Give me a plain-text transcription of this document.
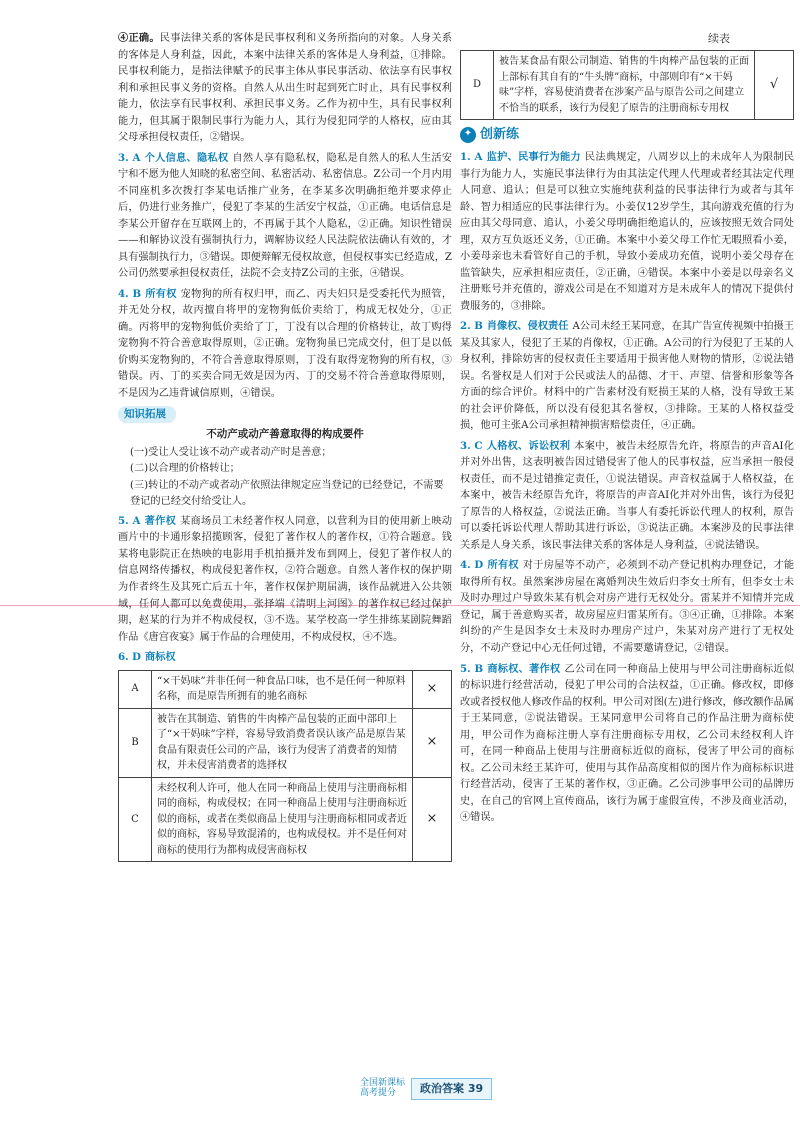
续表

④正确。民事法律关系的客体是民事权利和义务所指向的对象。人身关系的客体是人身利益，因此，本案中法律关系的客体是人身利益，①排除。民事权利能力，是指法律赋予的民事主体从事民事活动、依法享有民事权利和承担民事义务的资格。自然人从出生时起到死亡时止，具有民事权利能力，依法享有民事权利、承担民事义务。乙作为初中生，具有民事权利能力，但其属于限制民事行为能力人，其行为侵犯同学的人格权，应由其父母承担侵权责任，②错误。

3. A 个人信息、隐私权 自然人享有隐私权，隐私是自然人的私人生活安宁和不愿为他人知晓的私密空间、私密活动、私密信息。Z公司一个月内用不同座机多次拨打李某电话推广业务，在李某多次明确拒绝并要求停止后，仍进行业务推广，侵犯了李某的生活安宁权益，①正确。电话信息是李某公开留存在互联网上的，不再属于其个人隐私，②正确。知识性错误——和解协议没有强制执行力，调解协议经人民法院依法确认有效的，才具有强制执行力，③错误。即便辩解无侵权故意，但侵权事实已经造成，Z公司仍然要承担侵权责任，法院不会支持Z公司的主张，④错误。

4. B 所有权 宠物狗的所有权归甲，而乙、丙夫妇只是受委托代为照管，并无处分权，故丙擅自将甲的宠物狗低价卖给丁，构成无权处分，①正确。丙将甲的宠物狗低价卖给了丁，丁没有以合理的价格转让，故丁购得宠物狗不符合善意取得原则，②正确。宠物狗虽已完成交付，但丁是以低价购买宠物狗的，不符合善意取得原则，丁没有取得宠物狗的所有权，③错误。丙、丁的买卖合同无效是因为丙、丁的交易不符合善意取得原则，不是因为乙违背诚信原则，④错误。

知识拓展
不动产或动产善意取得的构成要件
(一)受让人受让该不动产或者动产时是善意；
(二)以合理的价格转让；
(三)转让的不动产或者动产依照法律规定应当登记的已经登记，不需要登记的已经交付给受让人。

5. A 著作权 某商场员工未经著作权人同意，以营利为目的使用新上映动画片中的卡通形象招揽顾客，侵犯了著作权人的著作权，①符合题意。钱某将电影院正在热映的电影用手机拍摄并发布到网上，侵犯了著作权人的信息网络传播权，构成侵犯著作权，②符合题意。自然人著作权的保护期为作者终生及其死亡后五十年，著作权保护期届满，该作品就进入公共领域，任何人都可以免费使用，张择端《清明上河图》的著作权已经过保护期，赵某的行为并不构成侵权，③不选。某学校高一学生排练某剧院舞蹈作品《唐宫夜宴》属于作品的合理使用，不构成侵权，④不选。

6. D 商标权

A	“×干妈味”并非任何一种食品口味，也不是任何一种原料名称，而是原告所拥有的驰名商标	×
B	被告在其制造、销售的牛肉棒产品包装的正面中部印上了“×干妈味”字样，容易导致消费者误认该产品是原告某食品有限责任公司的产品，该行为侵害了消费者的知情权，并未侵害消费者的选择权	×
C	未经权利人许可，他人在同一种商品上使用与注册商标相同的商标，构成侵权；在同一种商品上使用与注册商标近似的商标，或者在类似商品上使用与注册商标相同或者近似的商标，容易导致混淆的，也构成侵权。并不是任何对商标的使用行为都构成侵害商标权	×
D	被告某食品有限公司制造、销售的牛肉棒产品包装的正面上部标有其自有的“牛头牌”商标，中部则印有“×干妈味”字样，容易使消费者在涉案产品与原告公司之间建立不恰当的联系，该行为侵犯了原告的注册商标专用权	√
✦ 创新练

1. A 监护、民事行为能力 民法典规定，八周岁以上的未成年人为限制民事行为能力人，实施民事法律行为由其法定代理人代理或者经其法定代理人同意、追认；但是可以独立实施纯获利益的民事法律行为或者与其年龄、智力相适应的民事法律行为。小姜仅12岁学生，其向游戏充值的行为应由其父母同意、追认，小姜父母明确拒绝追认的，应该按照无效合同处理，双方互负返还义务，①正确。本案中小姜父母工作忙无暇照看小姜，小姜母亲也未看管好自己的手机，导致小姜成功充值，说明小姜父母存在监管缺失，应承担相应责任，②正确，④错误。本案中小姜是以母亲名义注册账号并充值的，游戏公司是在不知道对方是未成年人的情况下提供付费服务的，③排除。

2. B 肖像权、侵权责任 A公司未经王某同意，在其广告宣传视频中拍摄王某及其家人，侵犯了王某的肖像权，①正确。A公司的行为侵犯了王某的人身权利，排除妨害的侵权责任主要适用于损害他人财物的情形，②说法错误。名誉权是人们对于公民或法人的品德、才干、声望、信誉和形象等各方面的综合评价。材料中的广告素材没有贬损王某的人格，没有导致王某的社会评价降低，所以没有侵犯其名誉权，③排除。王某的人格权益受损，他可主张A公司承担精神损害赔偿责任，④正确。

3. C 人格权、诉讼权利 本案中，被告未经原告允许，将原告的声音AI化并对外出售，这表明被告因过错侵害了他人的民事权益，应当承担一般侵权责任，而不是过错推定责任，①说法错误。声音权益属于人格权益，在本案中，被告未经原告允许，将原告的声音AI化并对外出售，该行为侵犯了原告的人格权益，②说法正确。当事人有委托诉讼代理人的权利，原告可以委托诉讼代理人帮助其进行诉讼，③说法正确。本案涉及的民事法律关系是人身关系，该民事法律关系的客体是人身利益，④说法错误。

4. D 所有权 对于房屋等不动产，必须到不动产登记机构办理登记，才能取得所有权。虽然案涉房屋在离婚判决生效后归李女士所有，但李女士未及时办理过户导致朱某有机会对房产进行无权处分。雷某并不知情并完成登记，属于善意购买者，故房屋应归雷某所有。③④正确，①排除。本案纠纷的产生是因李女士未及时办理房产过户，朱某对房产进行了无权处分，不动产登记中心无任何过错，不需要邀请登记，②错误。

5. B 商标权、著作权 乙公司在同一种商品上使用与甲公司注册商标近似的标识进行经营活动，侵犯了甲公司的合法权益，①正确。修改权，即修改或者授权他人修改作品的权利。甲公司对图(左)进行修改，修改额作品属于王某同意，②说法错误。王某同意甲公司将自己的作品注册为商标使用，甲公司作为商标注册人享有注册商标专用权，乙公司未经权利人许可，在同一种商品上使用与注册商标近似的商标，侵害了甲公司的商标权。乙公司未经王某许可，使用与其作品高度相似的图片作为商标标识进行经营活动，侵害了王某的著作权，③正确。乙公司涉事甲公司的品牌历史，在自己的官网上宣传商品，该行为属于虚假宣传，不涉及商业活动，④错误。

全国新课标
高考提分	政治答案 39
